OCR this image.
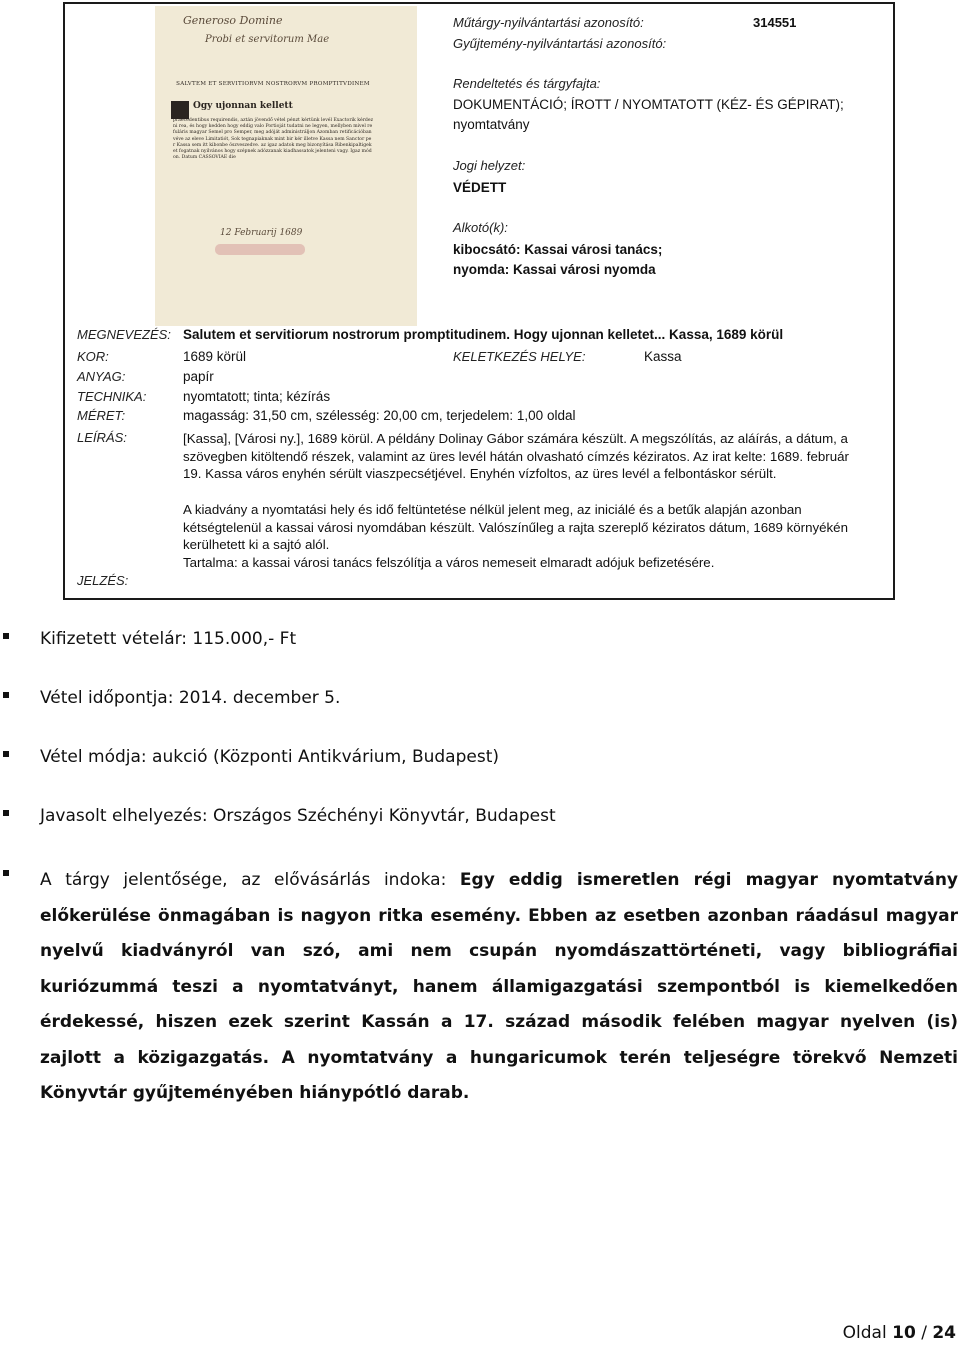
Generoso Domine
Probi et servitorum Mae
SALVTEM ET SERVITIORVM NOSTRORVM PROMPTITVDINEM
Ogy ujonnan kellett
praecedentibus requirendis, aztán jövendő vétel pénzt kértünk levél Exactorik kérdezni rea, és hogy kedden hogy eddig valo Portioját tudatni ne legyen, mellyben mivel refuláris magyar Semel pro Semper, meg adóját administráljon Azomban retificációban véve az eleve Limitatiót, Sok tegnapiaknak mint bir kér illetve Kassa nem Sanctor per Kassa sem itt kibonbe öszveszedve. az igaz adatok meg bizonyítása Ribenkipaltigeket fogatnak nyilvános hogy szépnek adózzanak kiadhassatok jelenteni vagy. Igaz módon. Datum CASSOVIAE die
12 Februarij 1689
Műtárgy-nyilvántartási azonosító:	314551
Gyűjtemény-nyilvántartási azonosító:
Rendeltetés és tárgyfajta:
DOKUMENTÁCIÓ; ÍROTT / NYOMTATOTT (KÉZ- ÉS GÉPIRAT);
nyomtatvány
Jogi helyzet:
VÉDETT
Alkotó(k):
kibocsátó: Kassai városi tanács;
nyomda: Kassai városi nyomda
MEGNEVEZÉS: Salutem et servitiorum nostrorum promptitudinem. Hogy ujonnan kelletet... Kassa, 1689 körül
KOR:	1689 körül	KELETKEZÉS HELYE:	Kassa
ANYAG:	papír
TECHNIKA:	nyomtatott; tinta; kézírás
MÉRET:	magasság: 31,50 cm, szélesség: 20,00 cm, terjedelem: 1,00 oldal
LEÍRÁS:	[Kassa], [Városi ny.], 1689 körül. A példány Dolinay Gábor számára készült. A megszólítás, az aláírás, a dátum, a szövegben kitöltendő részek, valamint az üres levél hátán olvasható címzés kéziratos. Az irat kelte: 1689. február 19. Kassa város enyhén sérült viaszpecsétjével. Enyhén vízfoltos, az üres levél a felbontáskor sérült.
A kiadvány a nyomtatási hely és idő feltüntetése nélkül jelent meg, az iniciálé és a betűk alapján azonban kétségtelenül a kassai városi nyomdában készült. Valószínűleg a rajta szereplő kéziratos dátum, 1689 környékén kerülhetett ki a sajtó alól.
Tartalma: a kassai városi tanács felszólítja a város nemeseit elmaradt adójuk befizetésére.
JELZÉS:
Kifizetett vételár: 115.000,- Ft
Vétel időpontja: 2014. december 5.
Vétel módja: aukció (Központi Antikvárium, Budapest)
Javasolt elhelyezés: Országos Széchényi Könyvtár, Budapest
A tárgy jelentősége, az elővásárlás indoka: Egy eddig ismeretlen régi magyar nyomtatvány előkerülése önmagában is nagyon ritka esemény. Ebben az esetben azonban ráadásul magyar nyelvű kiadványról van szó, ami nem csupán nyomdászattörténeti, vagy bibliográfiai kuriózummá teszi a nyomtatványt, hanem államigazgatási szempontból is kiemelkedően érdekessé, hiszen ezek szerint Kassán a 17. század második felében magyar nyelven (is) zajlott a közigazgatás. A nyomtatvány a hungaricumok terén teljeségre törekvő Nemzeti Könyvtár gyűjteményében hiánypótló darab.
Oldal 10 / 24
